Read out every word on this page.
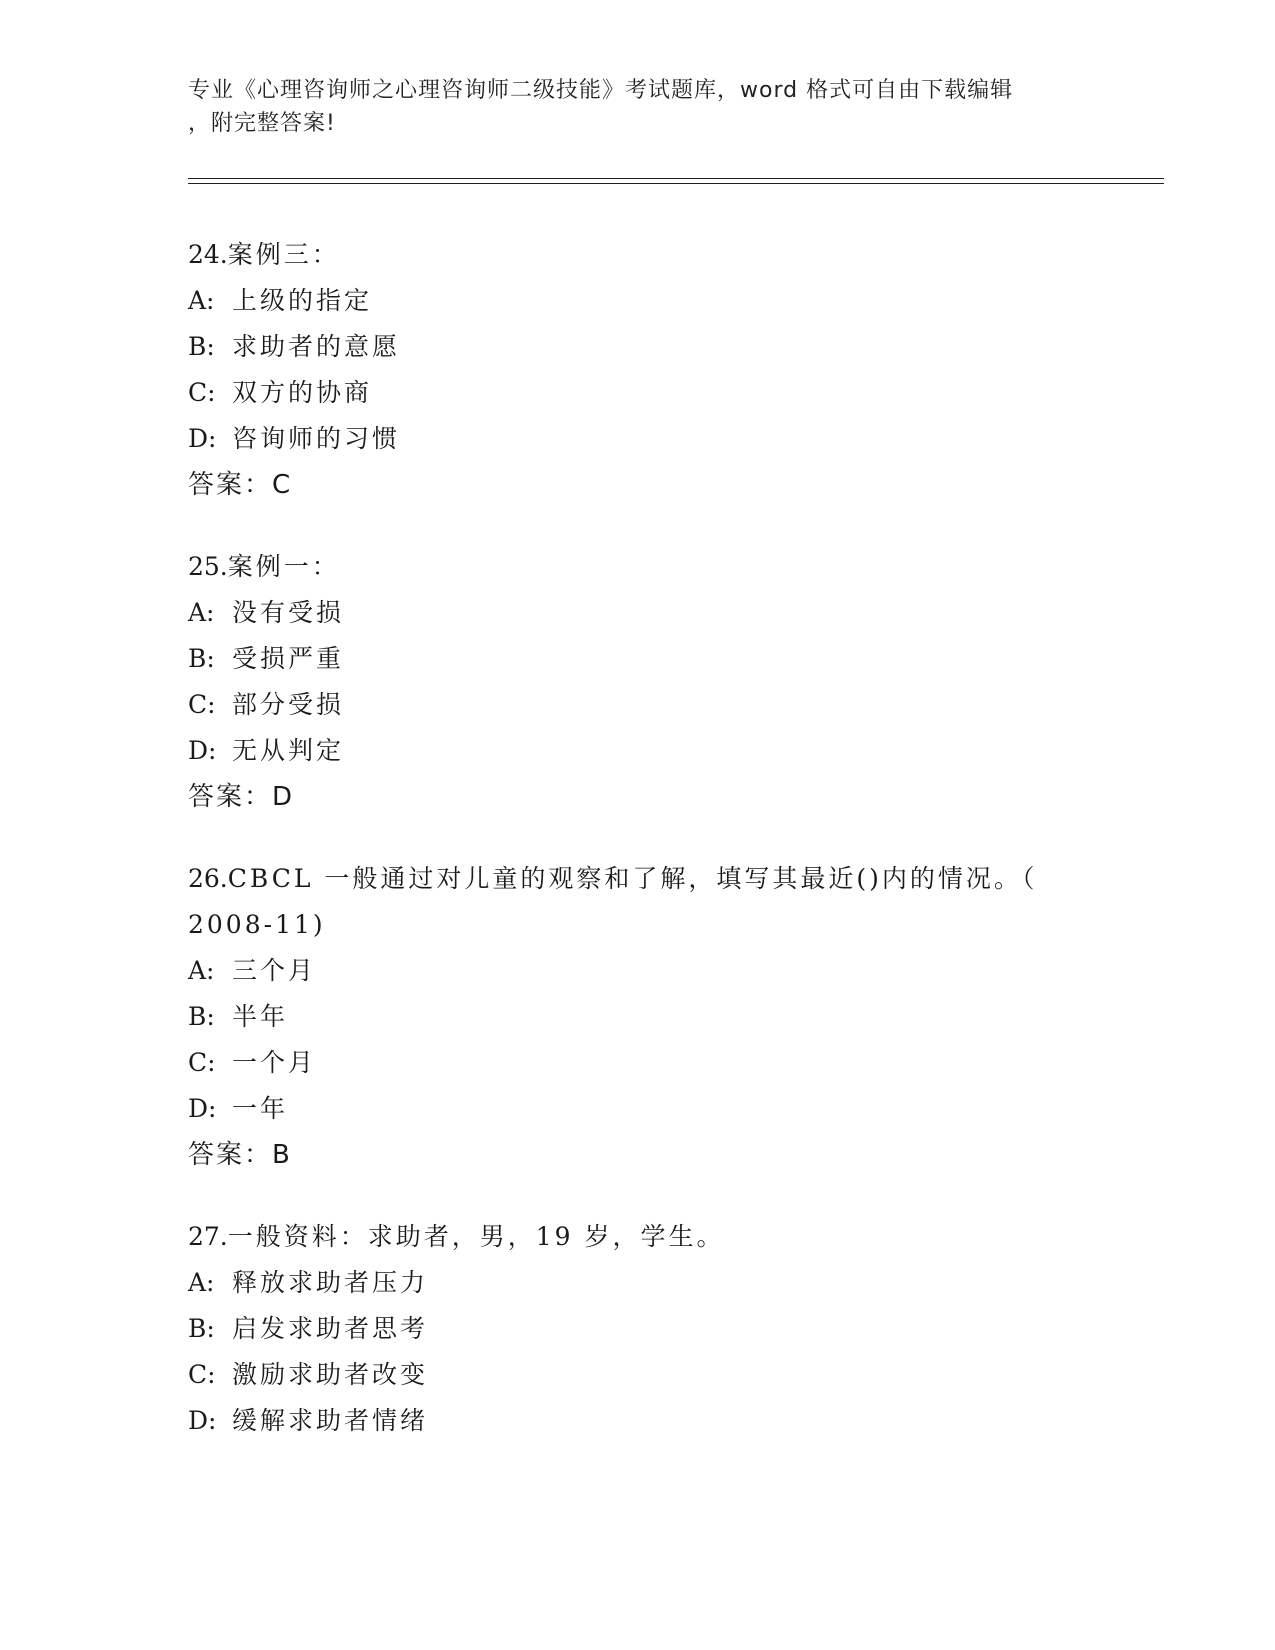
专业《心理咨询师之心理咨询师二级技能》考试题库，word 格式可自由下载编辑
，附完整答案!
24.案例三：
A: 上级的指定
B: 求助者的意愿
C: 双方的协商
D: 咨询师的习惯
答案：C
25.案例一：
A: 没有受损
B: 受损严重
C: 部分受损
D: 无从判定
答案：D
26.CBCL 一般通过对儿童的观察和了解，填写其最近()内的情况。（
2008-11)
A: 三个月
B: 半年
C: 一个月
D: 一年
答案：B
27.一般资料：求助者，男，19 岁，学生。
A: 释放求助者压力
B: 启发求助者思考
C: 激励求助者改变
D: 缓解求助者情绪
